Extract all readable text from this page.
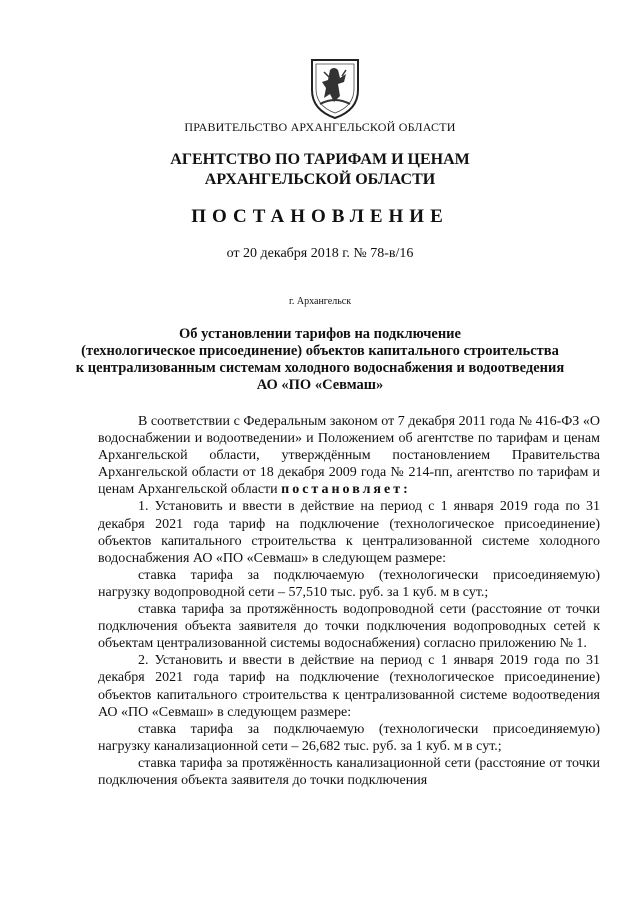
ПРАВИТЕЛЬСТВО АРХАНГЕЛЬСКОЙ ОБЛАСТИ
АГЕНТСТВО ПО ТАРИФАМ И ЦЕНАМ
АРХАНГЕЛЬСКОЙ ОБЛАСТИ
ПОСТАНОВЛЕНИЕ
от 20 декабря 2018 г. № 78-в/16
г. Архангельск
Об установлении тарифов на подключение
(технологическое присоединение) объектов капитального строительства
к централизованным системам холодного водоснабжения и водоотведения
АО «ПО «Севмаш»

В соответствии с Федеральным законом от 7 декабря 2011 года № 416-ФЗ «О водоснабжении и водоотведении» и Положением об агентстве по тарифам и ценам Архангельской области, утверждённым постановлением Правительства Архангельской области от 18 декабря 2009 года № 214-пп, агентство по тарифам и ценам Архангельской области постановляет:

1. Установить и ввести в действие на период с 1 января 2019 года по 31 декабря 2021 года тариф на подключение (технологическое присоединение) объектов капитального строительства к централизованной системе холодного водоснабжения АО «ПО «Севмаш» в следующем размере:

ставка тарифа за подключаемую (технологически присоединяемую) нагрузку водопроводной сети – 57,510 тыс. руб. за 1 куб. м в сут.;

ставка тарифа за протяжённость водопроводной сети (расстояние от точки подключения объекта заявителя до точки подключения водопроводных сетей к объектам централизованной системы водоснабжения) согласно приложению № 1.

2. Установить и ввести в действие на период с 1 января 2019 года по 31 декабря 2021 года тариф на подключение (технологическое присоединение) объектов капитального строительства к централизованной системе водоотведения АО «ПО «Севмаш» в следующем размере:

ставка тарифа за подключаемую (технологически присоединяемую) нагрузку канализационной сети – 26,682 тыс. руб. за 1 куб. м в сут.;

ставка тарифа за протяжённость канализационной сети (расстояние от точки подключения объекта заявителя до точки подключения
